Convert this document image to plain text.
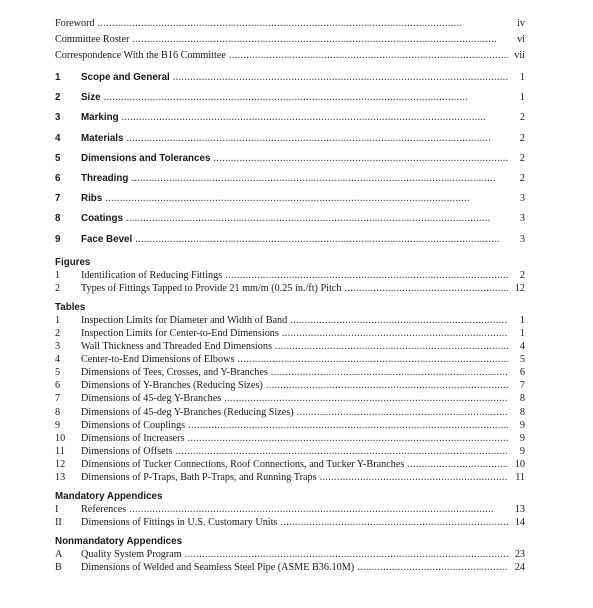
Foreword . . .	iv
Committee Roster . . .	vi
Correspondence With the B16 Committee . . .	vii
1	Scope and General . . .	1
2	Size . . .	1
3	Marking . . .	2
4	Materials . . .	2
5	Dimensions and Tolerances . . .	2
6	Threading . . .	2
7	Ribs . . .	3
8	Coatings . . .	3
9	Face Bevel . . .	3
Figures
1	Identification of Reducing Fittings . . .	2
2	Types of Fittings Tapped to Provide 21 mm/m (0.25 in./ft) Pitch . . .	12
Tables
1	Inspection Limits for Diameter and Width of Band . . .	1
2	Inspection Limits for Center-to-End Dimensions . . .	1
3	Wall Thickness and Threaded End Dimensions . . .	4
4	Center-to-End Dimensions of Elbows . . .	5
5	Dimensions of Tees, Crosses, and Y-Branches . . .	6
6	Dimensions of Y-Branches (Reducing Sizes) . . .	7
7	Dimensions of 45-deg Y-Branches . . .	8
8	Dimensions of 45-deg Y-Branches (Reducing Sizes) . . .	8
9	Dimensions of Couplings . . .	9
10	Dimensions of Increasers . . .	9
11	Dimensions of Offsets . . .	9
12	Dimensions of Tucker Connections, Roof Connections, and Tucker Y-Branches . . .	10
13	Dimensions of P-Traps, Bath P-Traps, and Running Traps . . .	11
Mandatory Appendices
I	References . . .	13
II	Dimensions of Fittings in U.S. Customary Units . . .	14
Nonmandatory Appendices
A	Quality System Program . . .	23
B	Dimensions of Welded and Seamless Steel Pipe (ASME B36.10M) . . .	24
